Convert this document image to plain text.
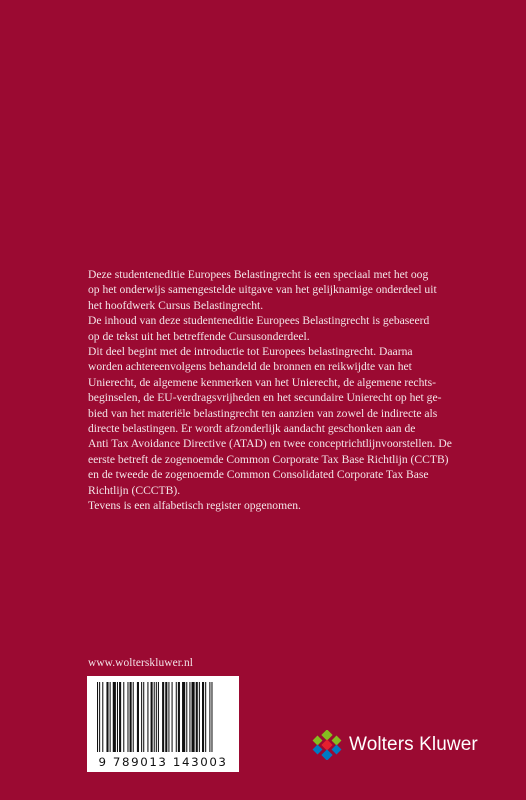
Deze studenteneditie Europees Belastingrecht is een speciaal met het oog
op het onderwijs samengestelde uitgave van het gelijknamige onderdeel uit
het hoofdwerk Cursus Belastingrecht.
De inhoud van deze studenteneditie Europees Belastingrecht is gebaseerd
op de tekst uit het betreffende Cursusonderdeel.
Dit deel begint met de introductie tot Europees belastingrecht. Daarna
worden achtereenvolgens behandeld de bronnen en reikwijdte van het
Unierecht, de algemene kenmerken van het Unierecht, de algemene rechts-
beginselen, de EU-verdragsvrijheden en het secundaire Unierecht op het ge-
bied van het materiële belastingrecht ten aanzien van zowel de indirecte als
directe belastingen. Er wordt afzonderlijk aandacht geschonken aan de
Anti Tax Avoidance Directive (ATAD) en twee conceptrichtlijnvoorstellen. De
eerste betreft de zogenoemde Common Corporate Tax Base Richtlijn (CCTB)
en de tweede de zogenoemde Common Consolidated Corporate Tax Base
Richtlijn (CCCTB).
Tevens is een alfabetisch register opgenomen.
www.wolterskluwer.nl
9 789013 143003
Wolters Kluwer
